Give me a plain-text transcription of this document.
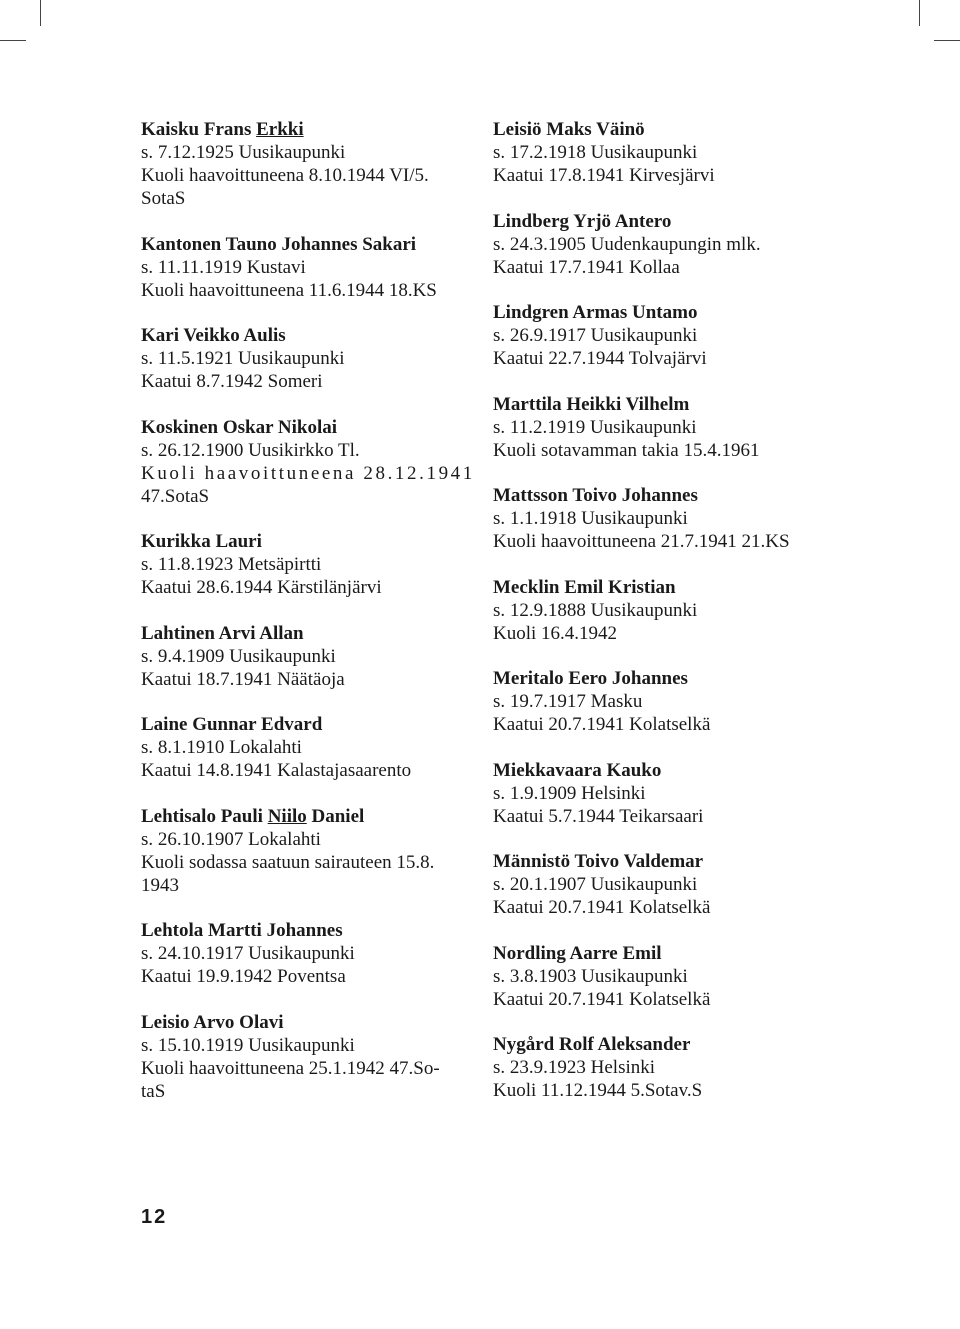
Kaisku Frans Erkki
s. 7.12.1925 Uusikaupunki
Kuoli haavoittuneena 8.10.1944 VI/5.
SotaS
Kantonen Tauno Johannes Sakari
s. 11.11.1919 Kustavi
Kuoli haavoittuneena 11.6.1944 18.KS
Kari Veikko Aulis
s. 11.5.1921 Uusikaupunki
Kaatui 8.7.1942 Someri
Koskinen Oskar Nikolai
s. 26.12.1900 Uusikirkko Tl.
Kuoli haavoittuneena 28.12.1941
47.SotaS
Kurikka Lauri
s. 11.8.1923 Metsäpirtti
Kaatui 28.6.1944 Kärstilänjärvi
Lahtinen Arvi Allan
s. 9.4.1909 Uusikaupunki
Kaatui 18.7.1941 Näätäoja
Laine Gunnar Edvard
s. 8.1.1910 Lokalahti
Kaatui 14.8.1941 Kalastajasaarento
Lehtisalo Pauli Niilo Daniel
s. 26.10.1907 Lokalahti
Kuoli sodassa saatuun sairauteen 15.8.
1943
Lehtola Martti Johannes
s. 24.10.1917 Uusikaupunki
Kaatui 19.9.1942 Poventsa
Leisio Arvo Olavi
s. 15.10.1919 Uusikaupunki
Kuoli haavoittuneena 25.1.1942 47.So-
taS
Leisiö Maks Väinö
s. 17.2.1918 Uusikaupunki
Kaatui 17.8.1941 Kirvesjärvi
Lindberg Yrjö Antero
s. 24.3.1905 Uudenkaupungin mlk.
Kaatui 17.7.1941 Kollaa
Lindgren Armas Untamo
s. 26.9.1917 Uusikaupunki
Kaatui 22.7.1944 Tolvajärvi
Marttila Heikki Vilhelm
s. 11.2.1919 Uusikaupunki
Kuoli sotavamman takia 15.4.1961
Mattsson Toivo Johannes
s. 1.1.1918 Uusikaupunki
Kuoli haavoittuneena 21.7.1941 21.KS
Mecklin Emil Kristian
s. 12.9.1888 Uusikaupunki
Kuoli 16.4.1942
Meritalo Eero Johannes
s. 19.7.1917 Masku
Kaatui 20.7.1941 Kolatselkä
Miekkavaara Kauko
s. 1.9.1909 Helsinki
Kaatui 5.7.1944 Teikarsaari
Männistö Toivo Valdemar
s. 20.1.1907 Uusikaupunki
Kaatui 20.7.1941 Kolatselkä
Nordling Aarre Emil
s. 3.8.1903 Uusikaupunki
Kaatui 20.7.1941 Kolatselkä
Nygård Rolf Aleksander
s. 23.9.1923 Helsinki
Kuoli 11.12.1944 5.Sotav.S
12
